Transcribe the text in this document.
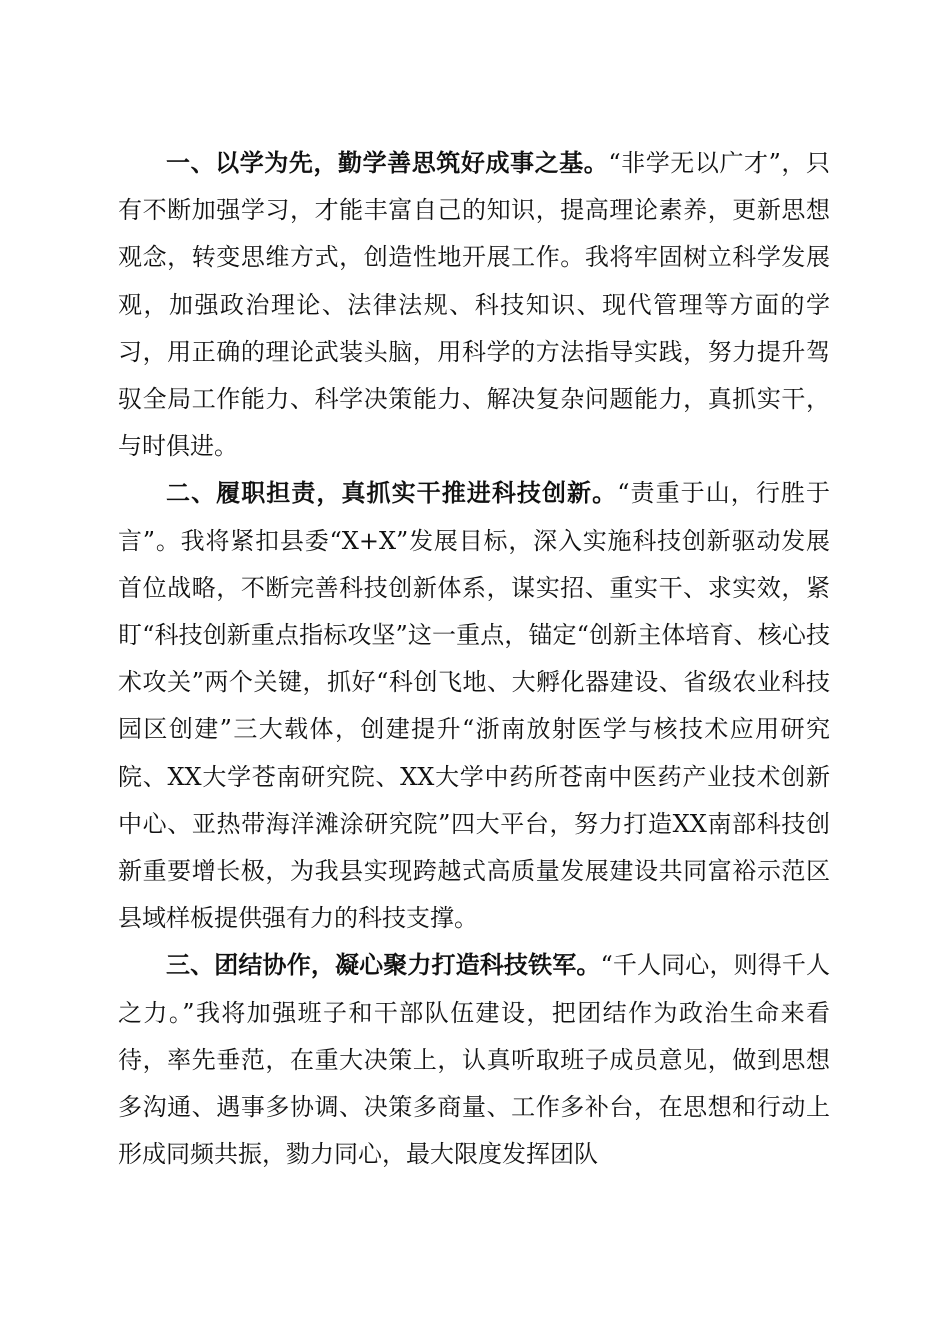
一、以学为先，勤学善思筑好成事之基。“非学无以广才”，只有不断加强学习，才能丰富自己的知识，提高理论素养，更新思想观念，转变思维方式，创造性地开展工作。我将牢固树立科学发展观，加强政治理论、法律法规、科技知识、现代管理等方面的学习，用正确的理论武装头脑，用科学的方法指导实践，努力提升驾驭全局工作能力、科学决策能力、解决复杂问题能力，真抓实干，与时俱进。

二、履职担责，真抓实干推进科技创新。“责重于山，行胜于言”。我将紧扣县委“X+X”发展目标，深入实施科技创新驱动发展首位战略，不断完善科技创新体系，谋实招、重实干、求实效，紧盯“科技创新重点指标攻坚”这一重点，锚定“创新主体培育、核心技术攻关”两个关键，抓好“科创飞地、大孵化器建设、省级农业科技园区创建”三大载体，创建提升“浙南放射医学与核技术应用研究院、XX大学苍南研究院、XX大学中药所苍南中医药产业技术创新中心、亚热带海洋滩涂研究院”四大平台，努力打造XX南部科技创新重要增长极，为我县实现跨越式高质量发展建设共同富裕示范区县域样板提供强有力的科技支撑。

三、团结协作，凝心聚力打造科技铁军。“千人同心，则得千人之力。”我将加强班子和干部队伍建设，把团结作为政治生命来看待，率先垂范，在重大决策上，认真听取班子成员意见，做到思想多沟通、遇事多协调、决策多商量、工作多补台，在思想和行动上形成同频共振，勠力同心，最大限度发挥团队
